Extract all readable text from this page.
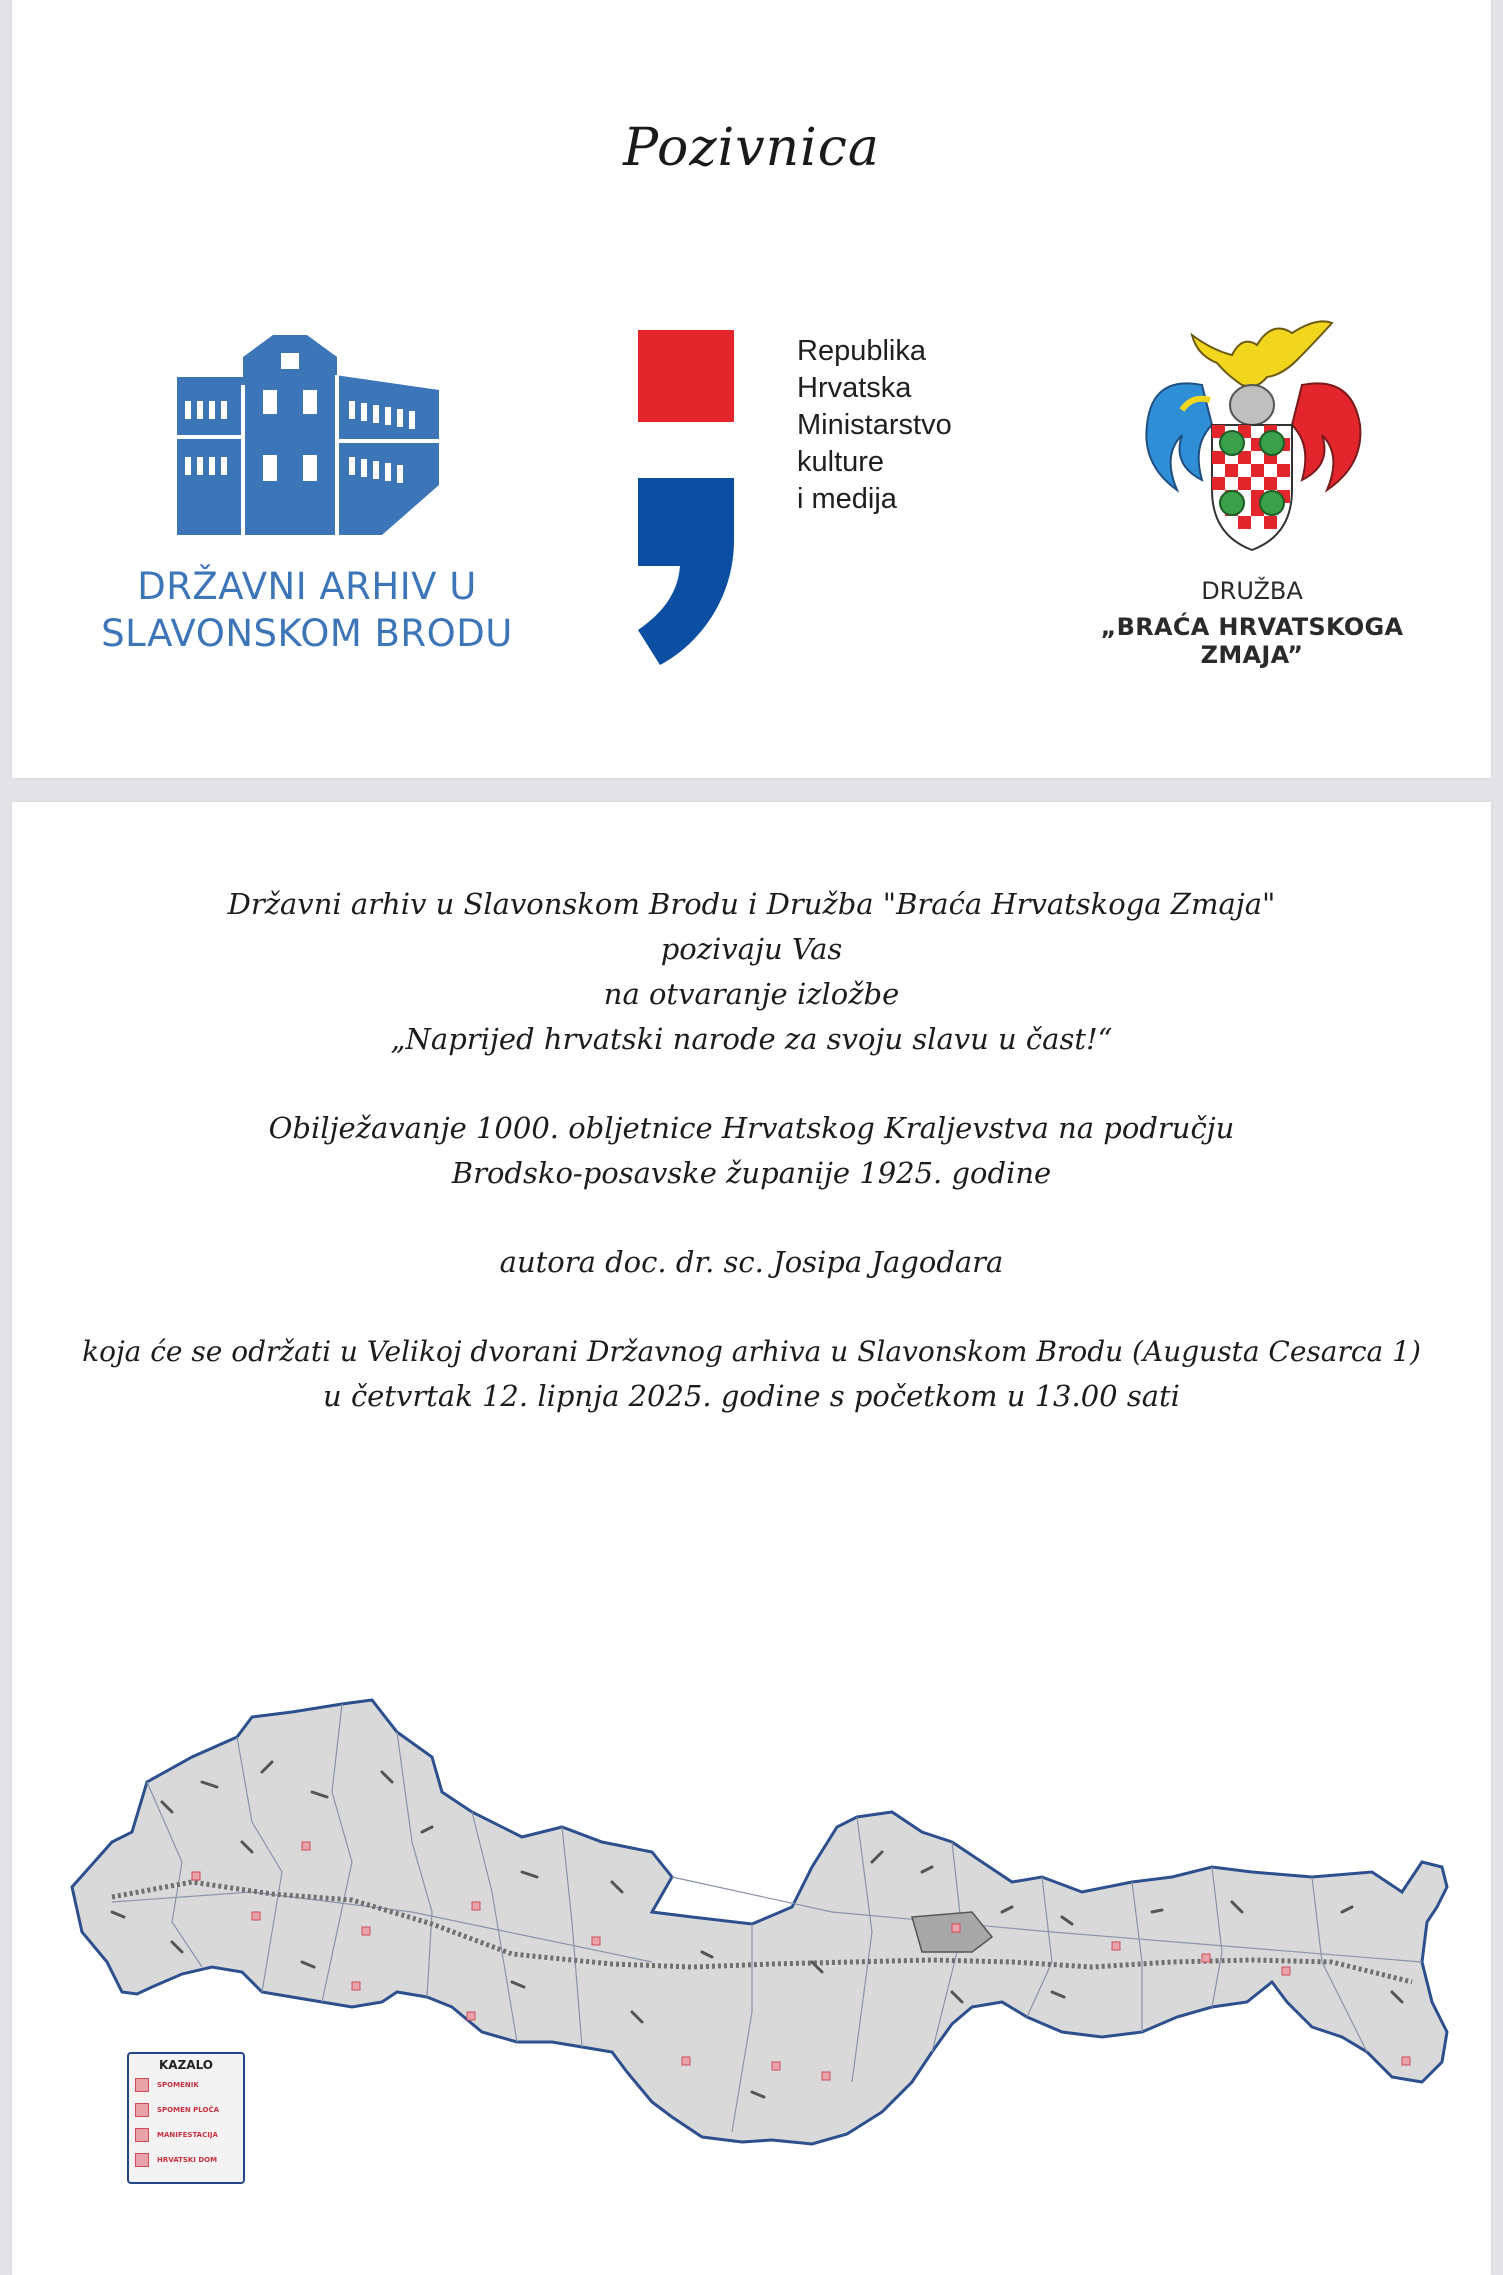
Pozivnica
DRŽAVNI ARHIV U
SLAVONSKOM BRODU
Republika
Hrvatska
Ministarstvo
kulture
i medija
DRUŽBA
„BRAĆA HRVATSKOGA ZMAJA”
Državni arhiv u Slavonskom Brodu i Družba "Braća Hrvatskoga Zmaja"
pozivaju Vas
na otvaranje izložbe
„Naprijed hrvatski narode za svoju slavu u čast!“
Obilježavanje 1000. obljetnice Hrvatskog Kraljevstva na području
Brodsko-posavske županije 1925. godine
autora doc. dr. sc. Josipa Jagodara
koja će se održati u Velikoj dvorani Državnog arhiva u Slavonskom Brodu (Augusta Cesarca 1)
u četvrtak 12. lipnja 2025. godine s početkom u 13.00 sati
KAZALO
SPOMENIK
SPOMEN PLOČA
MANIFESTACIJA
HRVATSKI DOM
